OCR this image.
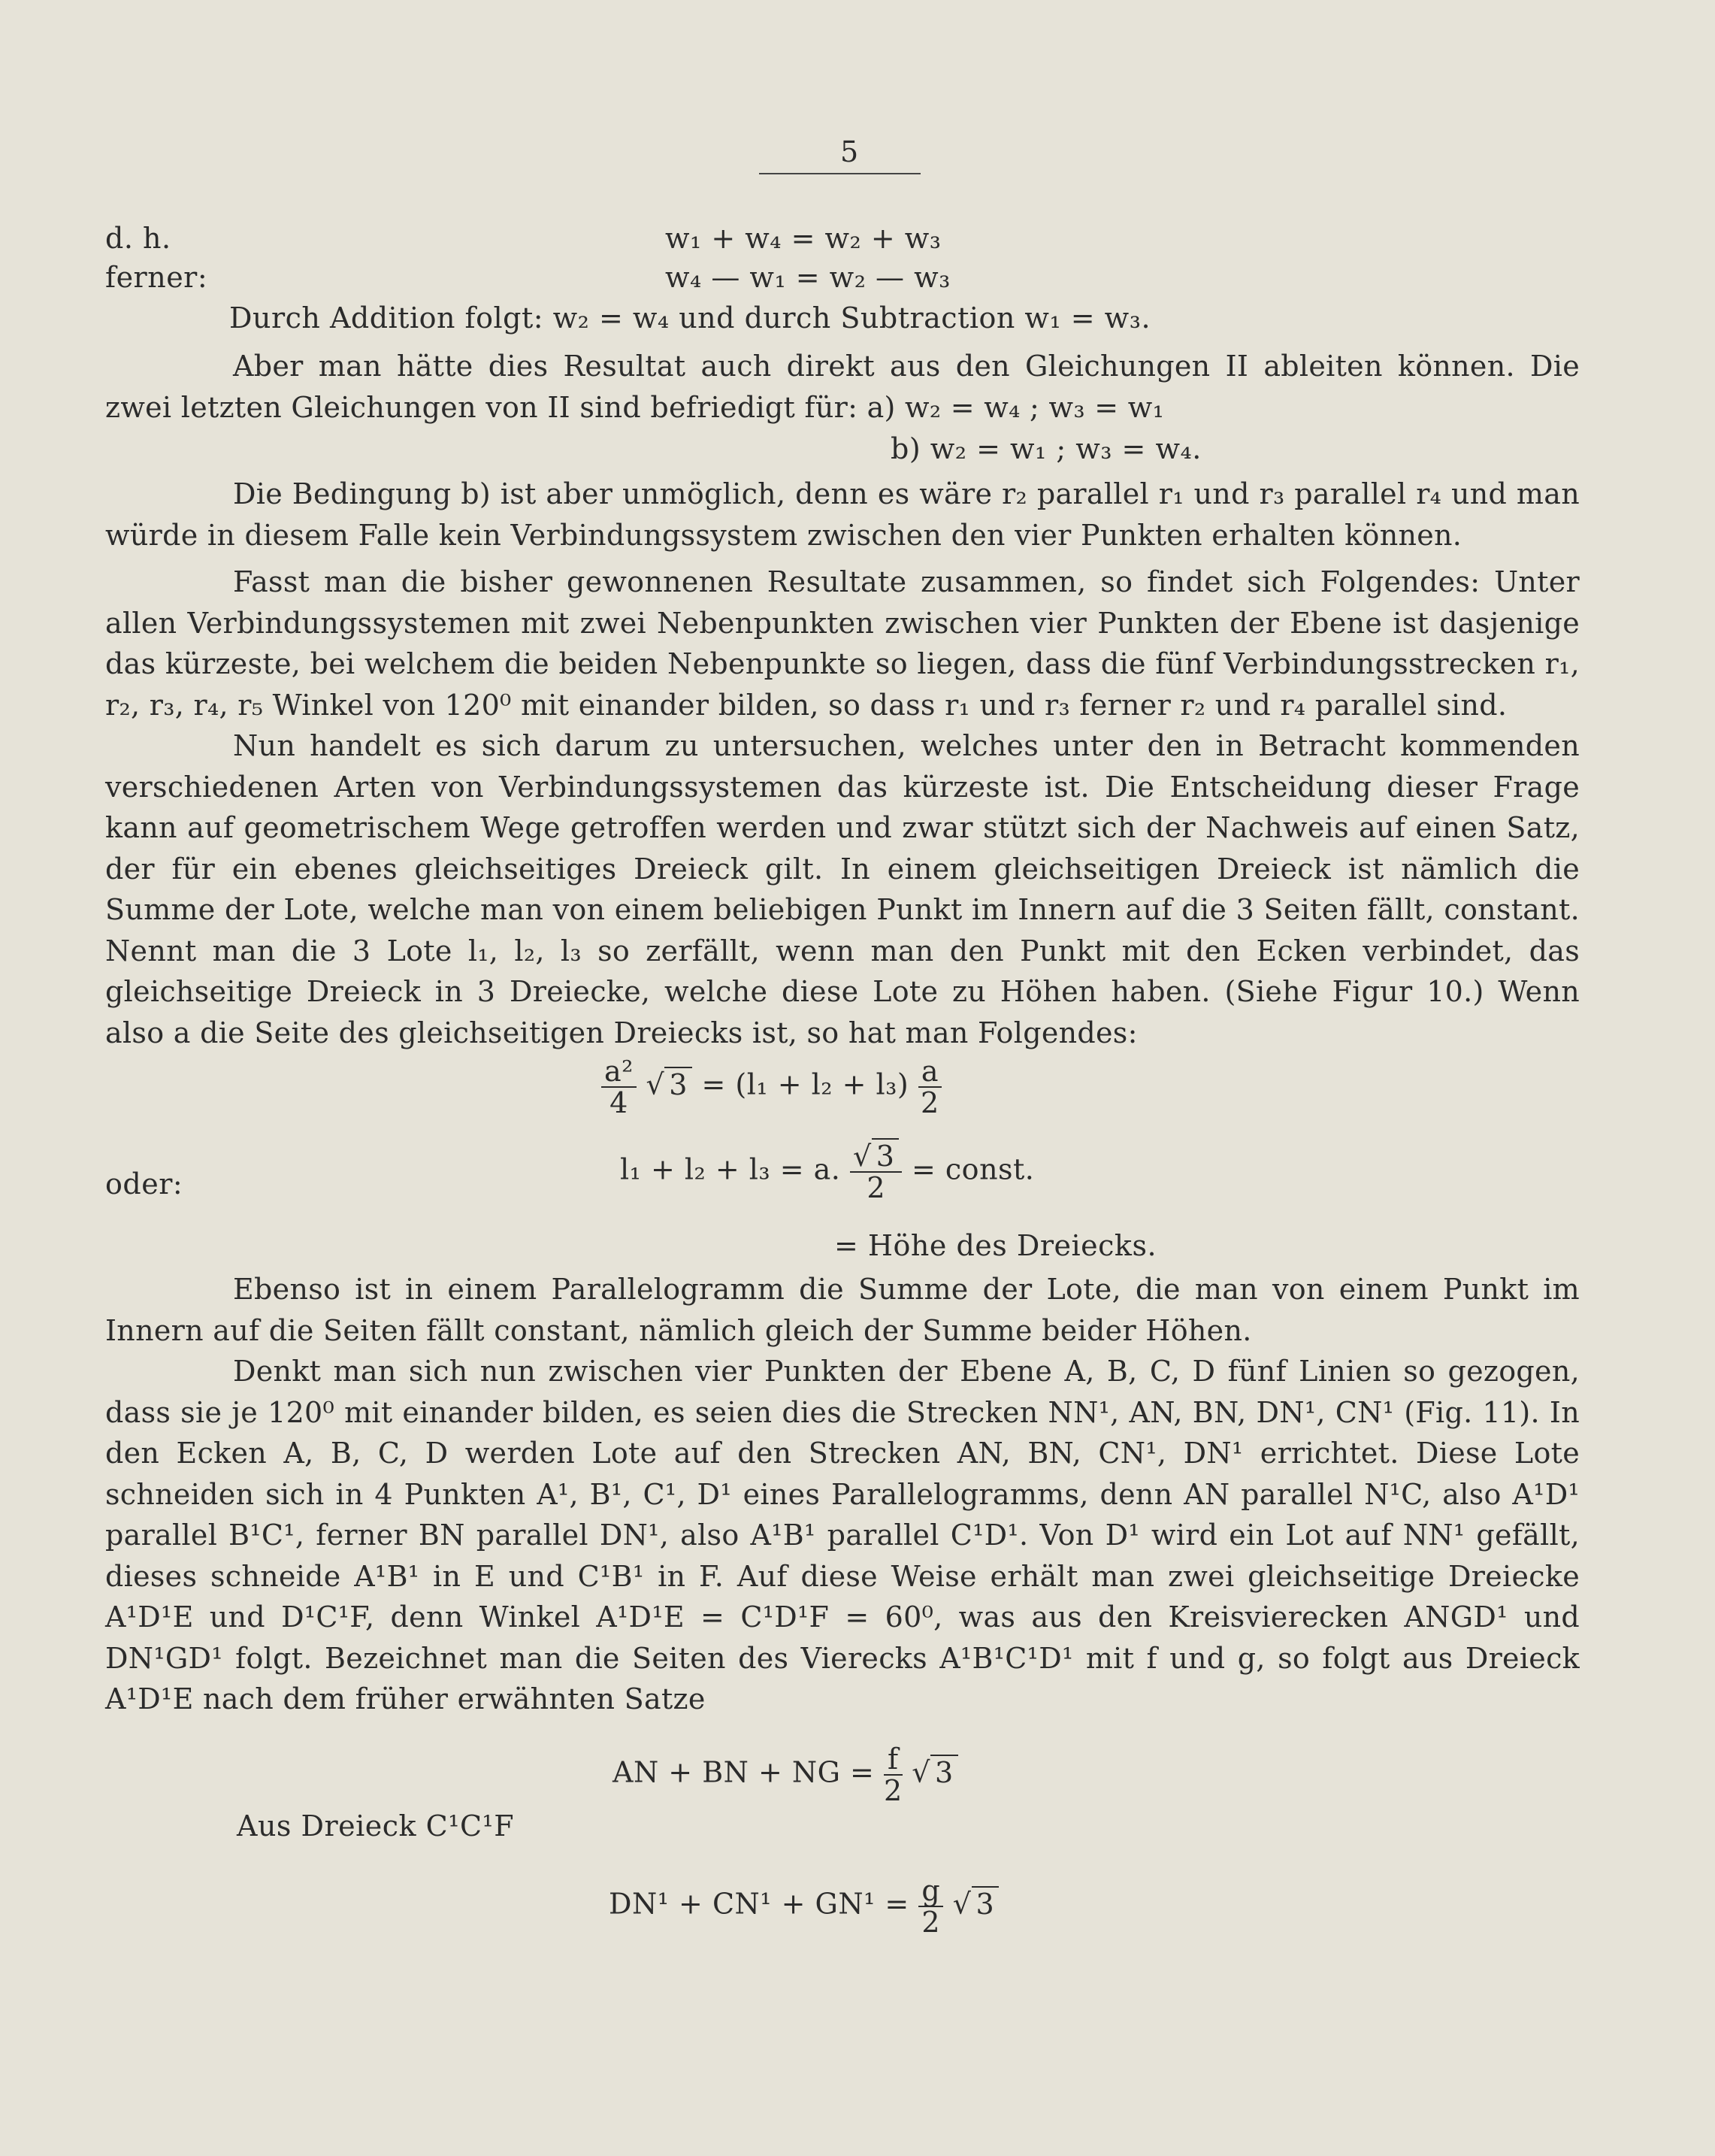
5
d. h.	w₁ + w₄ = w₂ + w₃
ferner:	w₄ — w₁ = w₂ — w₃
Durch Addition folgt: w₂ = w₄ und durch Subtraction w₁ = w₃.
Aber man hätte dies Resultat auch direkt aus den Gleichungen II ableiten können. Die
zwei letzten Gleichungen von II sind befriedigt für: a) w₂ = w₄ ; w₃ = w₁
b) w₂ = w₁ ; w₃ = w₄.
Die Bedingung b) ist aber unmöglich, denn es wäre r₂ parallel r₁ und r₃ parallel r₄ und man würde in diesem Falle kein Verbindungssystem zwischen den vier Punkten erhalten können.
Fasst man die bisher gewonnenen Resultate zusammen, so findet sich Folgendes: Unter allen Verbindungssystemen mit zwei Nebenpunkten zwischen vier Punkten der Ebene ist dasjenige das kürzeste, bei welchem die beiden Nebenpunkte so liegen, dass die fünf Verbindungsstrecken r₁, r₂, r₃, r₄, r₅ Winkel von 120⁰ mit einander bilden, so dass r₁ und r₃ ferner r₂ und r₄ parallel sind.
Nun handelt es sich darum zu untersuchen, welches unter den in Betracht kommenden verschiedenen Arten von Verbindungssystemen das kürzeste ist. Die Entscheidung dieser Frage kann auf geometrischem Wege getroffen werden und zwar stützt sich der Nachweis auf einen Satz, der für ein ebenes gleichseitiges Dreieck gilt. In einem gleichseitigen Dreieck ist nämlich die Summe der Lote, welche man von einem beliebigen Punkt im Innern auf die 3 Seiten fällt, constant. Nennt man die 3 Lote l₁, l₂, l₃ so zerfällt, wenn man den Punkt mit den Ecken verbindet, das gleichseitige Dreieck in 3 Dreiecke, welche diese Lote zu Höhen haben. (Siehe Figur 10.) Wenn also a die Seite des gleichseitigen Dreiecks ist, so hat man Folgendes:
$\frac{\text{a²}}{4}$ √ $3 = (l_1 + l_2 + l_3) \frac{a}{2}$
oder:	l₁ + l₂ + l₃ = a. $\frac{√ 3}{2}$ = const.
= Höhe des Dreiecks.
Ebenso ist in einem Parallelogramm die Summe der Lote, die man von einem Punkt im Innern auf die Seiten fällt constant, nämlich gleich der Summe beider Höhen.
Denkt man sich nun zwischen vier Punkten der Ebene A, B, C, D fünf Linien so gezogen, dass sie je 120⁰ mit einander bilden, es seien dies die Strecken NN¹, AN, BN, DN¹, CN¹ (Fig. 11). In den Ecken A, B, C, D werden Lote auf den Strecken AN, BN, CN¹, DN¹ errichtet. Diese Lote schneiden sich in 4 Punkten A¹, B¹, C¹, D¹ eines Parallelogramms, denn AN parallel N¹C, also A¹D¹ parallel B¹C¹, ferner BN parallel DN¹, also A¹B¹ parallel C¹D¹. Von D¹ wird ein Lot auf NN¹ gefällt, dieses schneide A¹B¹ in E und C¹B¹ in F. Auf diese Weise erhält man zwei gleichseitige Dreiecke A¹D¹E und D¹C¹F, denn Winkel A¹D¹E = C¹D¹F = 60⁰, was aus den Kreisvierecken ANGD¹ und DN¹GD¹ folgt. Bezeichnet man die Seiten des Vierecks A¹B¹C¹D¹ mit f und g, so folgt aus Dreieck A¹D¹E nach dem früher erwähnten Satze
AN + BN + NG = $\frac{f}{2}$ √ 3
Aus Dreieck C¹C¹F
$DN^1 + CN^1 + GN^1 = \frac{g}{2}$ √ 3
